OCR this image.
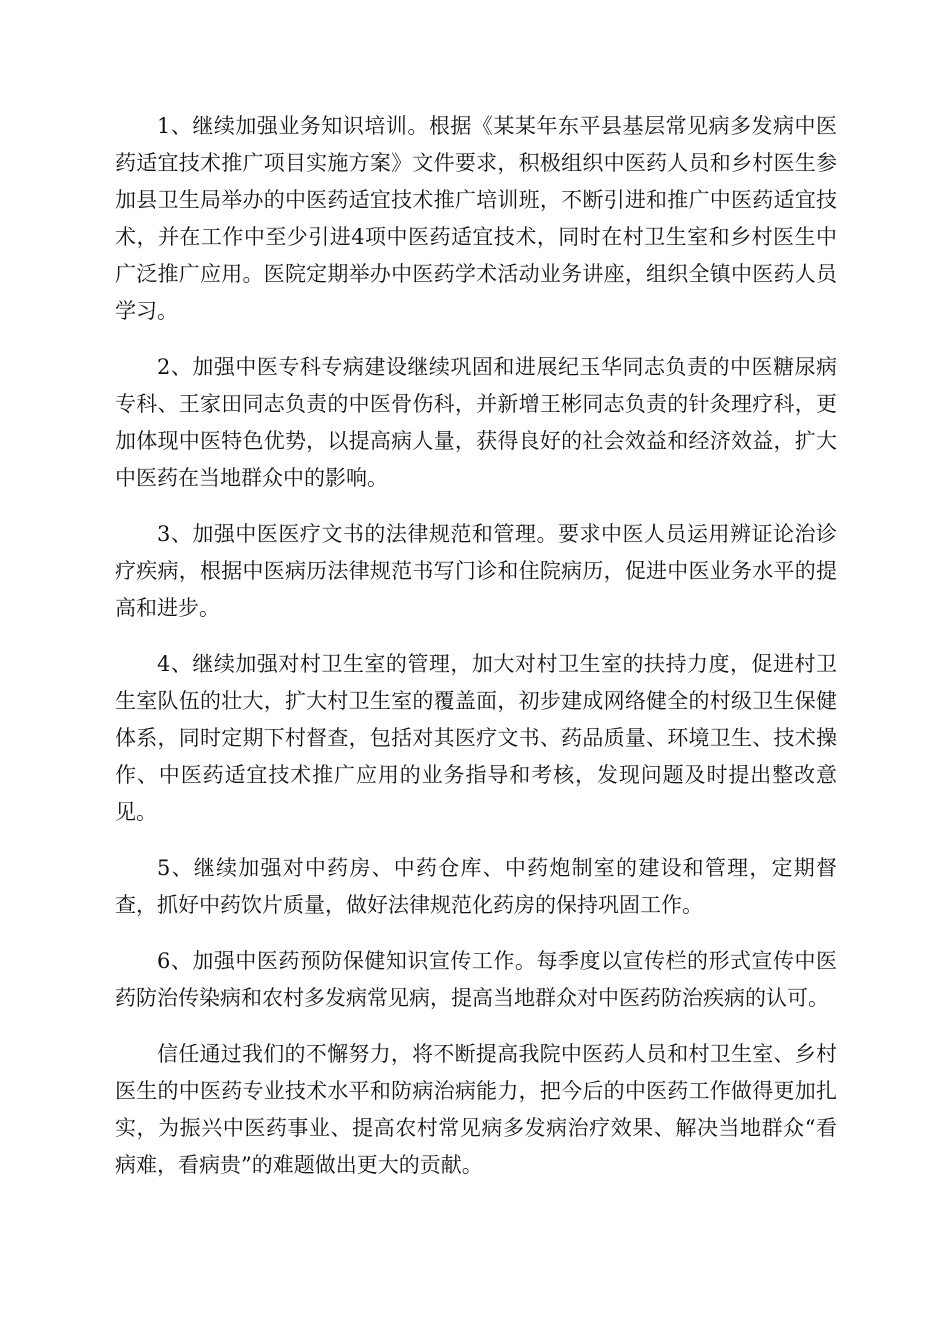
1、继续加强业务知识培训。根据《某某年东平县基层常见病多发病中医药适宜技术推广项目实施方案》文件要求，积极组织中医药人员和乡村医生参加县卫生局举办的中医药适宜技术推广培训班，不断引进和推广中医药适宜技术，并在工作中至少引进4项中医药适宜技术，同时在村卫生室和乡村医生中广泛推广应用。医院定期举办中医药学术活动业务讲座，组织全镇中医药人员学习。

2、加强中医专科专病建设继续巩固和进展纪玉华同志负责的中医糖尿病专科、王家田同志负责的中医骨伤科，并新增王彬同志负责的针灸理疗科，更加体现中医特色优势，以提高病人量，获得良好的社会效益和经济效益，扩大中医药在当地群众中的影响。

3、加强中医医疗文书的法律规范和管理。要求中医人员运用辨证论治诊疗疾病，根据中医病历法律规范书写门诊和住院病历，促进中医业务水平的提高和进步。

4、继续加强对村卫生室的管理，加大对村卫生室的扶持力度，促进村卫生室队伍的壮大，扩大村卫生室的覆盖面，初步建成网络健全的村级卫生保健体系，同时定期下村督查，包括对其医疗文书、药品质量、环境卫生、技术操作、中医药适宜技术推广应用的业务指导和考核，发现问题及时提出整改意见。

5、继续加强对中药房、中药仓库、中药炮制室的建设和管理，定期督查，抓好中药饮片质量，做好法律规范化药房的保持巩固工作。

6、加强中医药预防保健知识宣传工作。每季度以宣传栏的形式宣传中医药防治传染病和农村多发病常见病，提高当地群众对中医药防治疾病的认可。

信任通过我们的不懈努力，将不断提高我院中医药人员和村卫生室、乡村医生的中医药专业技术水平和防病治病能力，把今后的中医药工作做得更加扎实，为振兴中医药事业、提高农村常见病多发病治疗效果、解决当地群众“看病难，看病贵”的难题做出更大的贡献。
